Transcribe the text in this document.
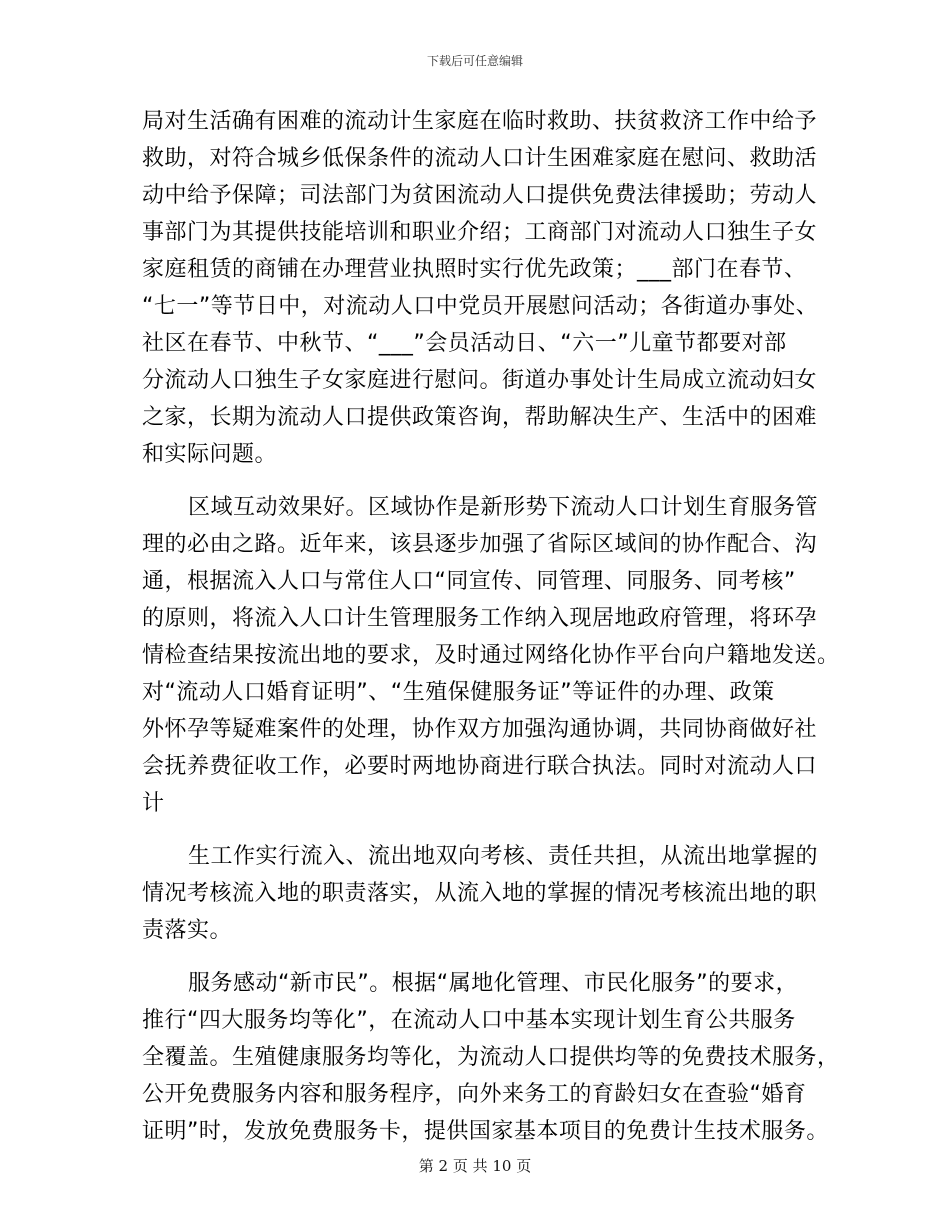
下载后可任意编辑
局对生活确有困难的流动计生家庭在临时救助、扶贫救济工作中给予
救助，对符合城乡低保条件的流动人口计生困难家庭在慰问、救助活
动中给予保障；司法部门为贫困流动人口提供免费法律援助；劳动人
事部门为其提供技能培训和职业介绍；工商部门对流动人口独生子女
家庭租赁的商铺在办理营业执照时实行优先政策；___部门在春节、
“七一”等节日中，对流动人口中党员开展慰问活动；各街道办事处、
社区在春节、中秋节、“___”会员活动日、“六一”儿童节都要对部
分流动人口独生子女家庭进行慰问。街道办事处计生局成立流动妇女
之家，长期为流动人口提供政策咨询，帮助解决生产、生活中的困难
和实际问题。
区域互动效果好。区域协作是新形势下流动人口计划生育服务管
理的必由之路。近年来，该县逐步加强了省际区域间的协作配合、沟
通，根据流入人口与常住人口“同宣传、同管理、同服务、同考核”
的原则，将流入人口计生管理服务工作纳入现居地政府管理，将环孕
情检查结果按流出地的要求，及时通过网络化协作平台向户籍地发送。
对“流动人口婚育证明”、“生殖保健服务证”等证件的办理、政策
外怀孕等疑难案件的处理，协作双方加强沟通协调，共同协商做好社
会抚养费征收工作，必要时两地协商进行联合执法。同时对流动人口
计
生工作实行流入、流出地双向考核、责任共担，从流出地掌握的
情况考核流入地的职责落实，从流入地的掌握的情况考核流出地的职
责落实。
服务感动“新市民”。根据“属地化管理、市民化服务”的要求，
推行“四大服务均等化”，在流动人口中基本实现计划生育公共服务
全覆盖。生殖健康服务均等化，为流动人口提供均等的免费技术服务，
公开免费服务内容和服务程序，向外来务工的育龄妇女在查验“婚育
证明”时，发放免费服务卡，提供国家基本项目的免费计生技术服务。
第 2 页 共 10 页
